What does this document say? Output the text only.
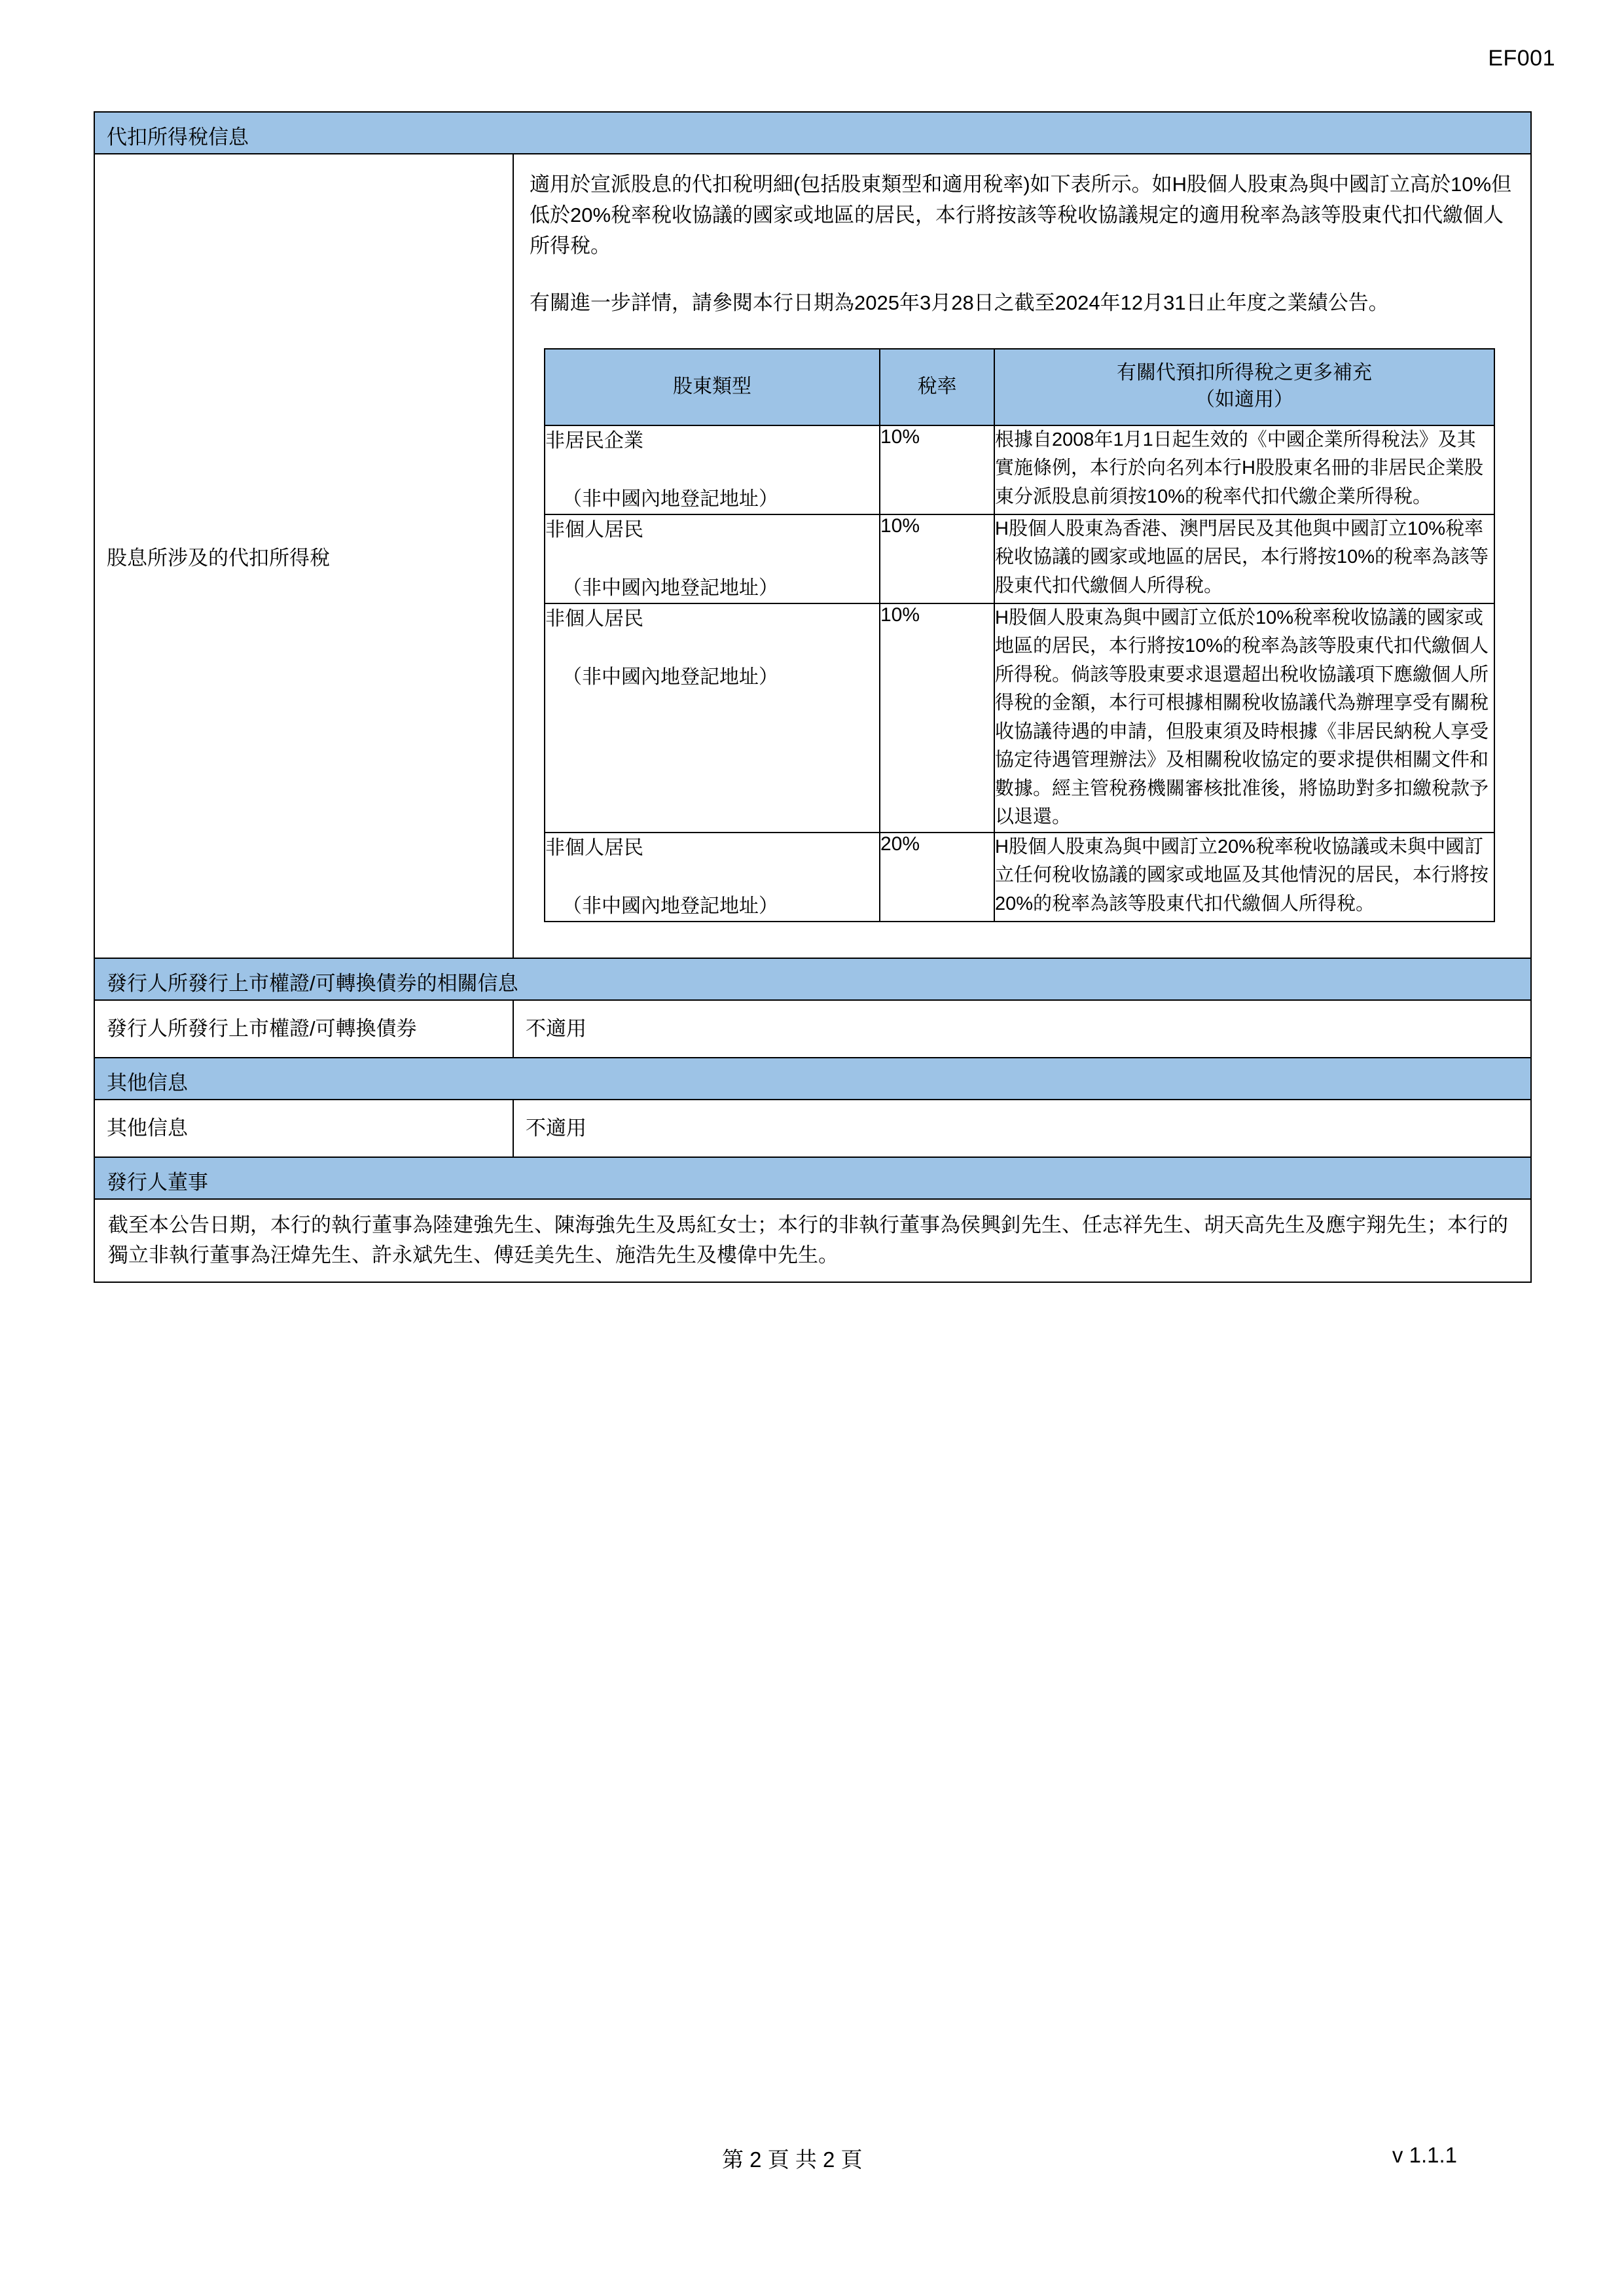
EF001
代扣所得稅信息
股息所涉及的代扣所得稅	

適用於宣派股息的代扣稅明細(包括股東類型和適用稅率)如下表所示。如H股個人股東為與中國訂立高於10%但低於20%稅率稅收協議的國家或地區的居民，本行將按該等稅收協議規定的適用稅率為該等股東代扣代繳個人所得稅。

有關進一步詳情，請參閱本行日期為2025年3月28日之截至2024年12月31日止年度之業績公告。

股東類型	稅率	有關代預扣所得稅之更多補充
（如適用）
非居民企業
（非中國內地登記地址）
	10%	根據自2008年1月1日起生效的《中國企業所得稅法》及其實施條例，本行於向名列本行H股股東名冊的非居民企業股東分派股息前須按10%的稅率代扣代繳企業所得稅。
非個人居民
（非中國內地登記地址）
	10%	H股個人股東為香港、澳門居民及其他與中國訂立10%稅率稅收協議的國家或地區的居民，本行將按10%的稅率為該等股東代扣代繳個人所得稅。
非個人居民
（非中國內地登記地址）
	10%	H股個人股東為與中國訂立低於10%稅率稅收協議的國家或地區的居民，本行將按10%的稅率為該等股東代扣代繳個人所得稅。倘該等股東要求退還超出稅收協議項下應繳個人所得稅的金額，本行可根據相關稅收協議代為辦理享受有關稅收協議待遇的申請，但股東須及時根據《非居民納稅人享受協定待遇管理辦法》及相關稅收協定的要求提供相關文件和數據。經主管稅務機關審核批准後，將協助對多扣繳稅款予以退還。
非個人居民
（非中國內地登記地址）
	20%	H股個人股東為與中國訂立20%稅率稅收協議或未與中國訂立任何稅收協議的國家或地區及其他情況的居民，本行將按20%的稅率為該等股東代扣代繳個人所得稅。

發行人所發行上市權證/可轉換債券的相關信息
發行人所發行上市權證/可轉換債券	不適用
其他信息
其他信息	不適用
發行人董事
截至本公告日期，本行的執行董事為陸建強先生、陳海強先生及馬紅女士；本行的非執行董事為侯興釗先生、任志祥先生、胡天高先生及應宇翔先生；本行的獨立非執行董事為汪煒先生、許永斌先生、傅廷美先生、施浩先生及樓偉中先生。
第 2 頁 共 2 頁	v 1.1.1
